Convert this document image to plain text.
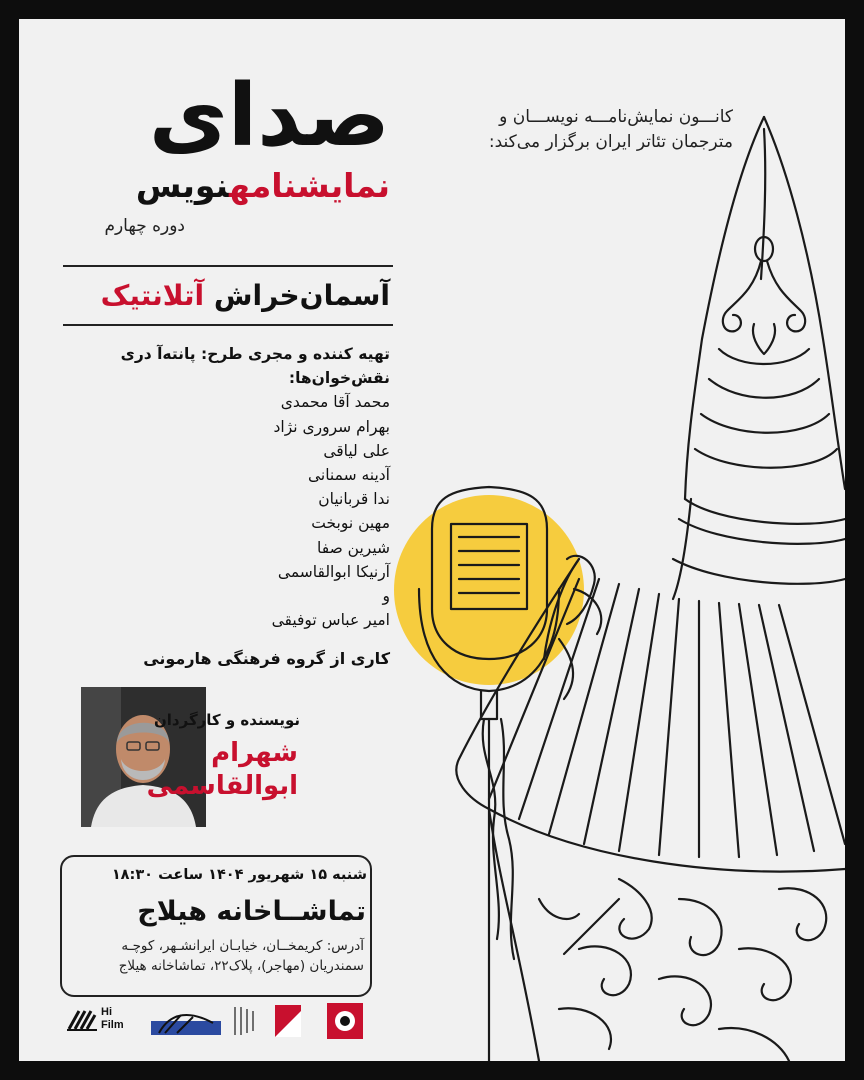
صدای
نمایشنامهنویس
دوره چهارم
کانـــون نمایش‌نامـــه نویســـان و
مترجمان تئاتر ایران برگزار می‌کند:
آسمان‌خراش آتلانتیک
تهیه کننده و مجری طرح: پانته‌آ دری
نقش‌خوان‌ها:
محمد آقا محمدی
بهرام سروری نژاد
علی لیاقی
آدینه سمنانی
ندا قربانیان
مهین نوبخت
شیرین صفا
آرنیکا ابوالقاسمی
و
امیر عباس توفیقی
کاری از گروه فرهنگی هارمونی
نویسنده و کارگردان
شهرام
ابوالقاسمی
شنبه ۱۵ شهریور ۱۴۰۴ ساعت ۱۸:۳۰
تماشــاخانه هیلاج
آدرس: کریمخــان، خیابـان ایرانشـهر، کوچـه
سمندریان (مهاجر)، پلاک۲۲، تماشاخانه هیلاج
Hi Film
